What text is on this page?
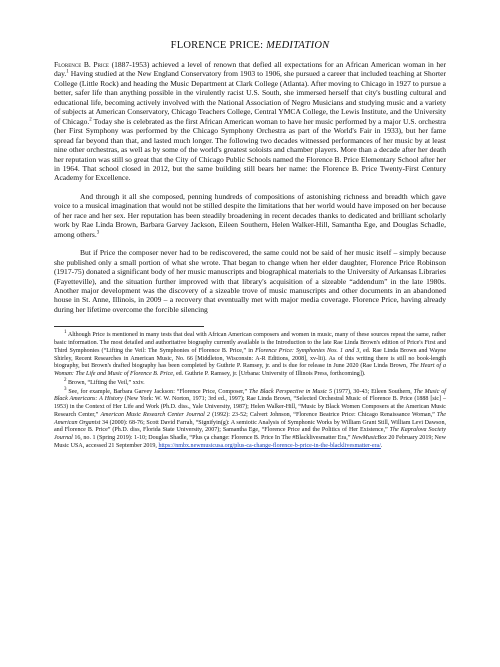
FLORENCE PRICE: MEDITATION

Florence B. Price (1887-1953) achieved a level of renown that defied all expectations for an African American woman in her day.$^1$ Having studied at the New England Conservatory from 1903 to 1906, she pursued a career that included teaching at Shorter College (Little Rock) and heading the Music Department at Clark College (Atlanta). After moving to Chicago in 1927 to pursue a better, safer life than anything possible in the virulently racist U.S. South, she immersed herself that city's bustling cultural and educational life, becoming actively involved with the National Association of Negro Musicians and studying music and a variety of subjects at American Conservatory, Chicago Teachers College, Central YMCA College, the Lewis Institute, and the University of Chicago.$^2$ Today she is celebrated as the first African American woman to have her music performed by a major U.S. orchestra (her First Symphony was performed by the Chicago Symphony Orchestra as part of the World's Fair in 1933), but her fame spread far beyond than that, and lasted much longer. The following two decades witnessed performances of her music by at least nine other orchestras, as well as by some of the world's greatest soloists and chamber players. More than a decade after her death her reputation was still so great that the City of Chicago Public Schools named the Florence B. Price Elementary School after her in 1964. That school closed in 2012, but the same building still bears her name: the Florence B. Price Twenty-First Century Academy for Excellence.

And through it all she composed, penning hundreds of compositions of astonishing richness and breadth which gave voice to a musical imagination that would not be stilled despite the limitations that her world would have imposed on her because of her race and her sex. Her reputation has been steadily broadening in recent decades thanks to dedicated and brilliant scholarly work by Rae Linda Brown, Barbara Garvey Jackson, Eileen Southern, Helen Walker-Hill, Samantha Ege, and Douglas Schadle, among others.$^3$

But if Price the composer never had to be rediscovered, the same could not be said of her music itself – simply because she published only a small portion of what she wrote. That began to change when her elder daughter, Florence Price Robinson (1917-75) donated a significant body of her music manuscripts and biographical materials to the University of Arkansas Libraries (Fayetteville), and the situation further improved with that library's acquisition of a sizeable “addendum” in the late 1980s. Another major development was the discovery of a sizeable trove of music manuscripts and other documents in an abandoned house in St. Anne, Illinois, in 2009 – a recovery that eventually met with major media coverage. Florence Price, having already during her lifetime overcome the forcible silencing

$^1$ Although Price is mentioned in many tests that deal with African American composers and women in music, many of these sources repeat the same, rather basic information. The most detailed and authoritative biography currently available is the Introduction to the late Rae Linda Brown's edition of Price's First and Third Symphonies (“Lifting the Veil: The Symphonies of Florence B. Price,” in Florence Price: Symphonies Nos. 1 and 3, ed. Rae Linda Brown and Wayne Shirley, Recent Researches in American Music, No. 66 [Middleton, Wisconsin: A-R Editions, 2008], xv-lii). As of this writing there is still no book-length biography, but Brown's drafted biography has been completed by Guthrie P. Ramsey, jr. and is due for release in June 2020 (Rae Linda Brown, The Heart of a Woman: The Life and Music of Florence B. Price, ed. Guthrie P. Ramsey, jr. [Urbana: University of Illinois Press, forthcoming]).
$^2$ Brown, “Lifting the Veil,” xxiv.
$^3$ See, for example, Barbara Garvey Jackson: “Florence Price, Composer,” The Black Perspective in Music 5 (1977), 30-43; Eileen Southern, The Music of Black Americans: A History (New York: W. W. Norton, 1971; 3rd ed., 1997); Rae Linda Brown, “Selected Orchestral Music of Florence B. Price (1888 [sic] – 1953) in the Context of Her Life and Work (Ph.D. diss., Yale University, 1987); Helen Walker-Hill, “Music by Black Women Composers at the American Music Research Center,” American Music Research Center Journal 2 (1992): 23-52; Calvert Johnson, “Florence Beatrice Price: Chicago Renaissance Woman,” The American Organist 34 (2000): 68-76; Scott David Farrah, “Signifyin(g): A semiotic Analysis of Symphonic Works by William Grant Still, William Levi Dawson, and Florence B. Price” (Ph.D. diss, Florida State University, 2007); Samantha Ege, “Florence Price and the Politics of Her Existence,” The Kapralova Society Journal 16, no. 1 (Spring 2019): 1-10; Douglas Shadle, “Plus ça change: Florence B. Price In The #Blacklivesmatter Era,” NewMusicBox 20 February 2019; New Music USA, accessed 21 September 2019, https://nmbx.newmusicusa.org/plus-ca-change-florence-b-price-in-the-blacklivesmatter-era/.
